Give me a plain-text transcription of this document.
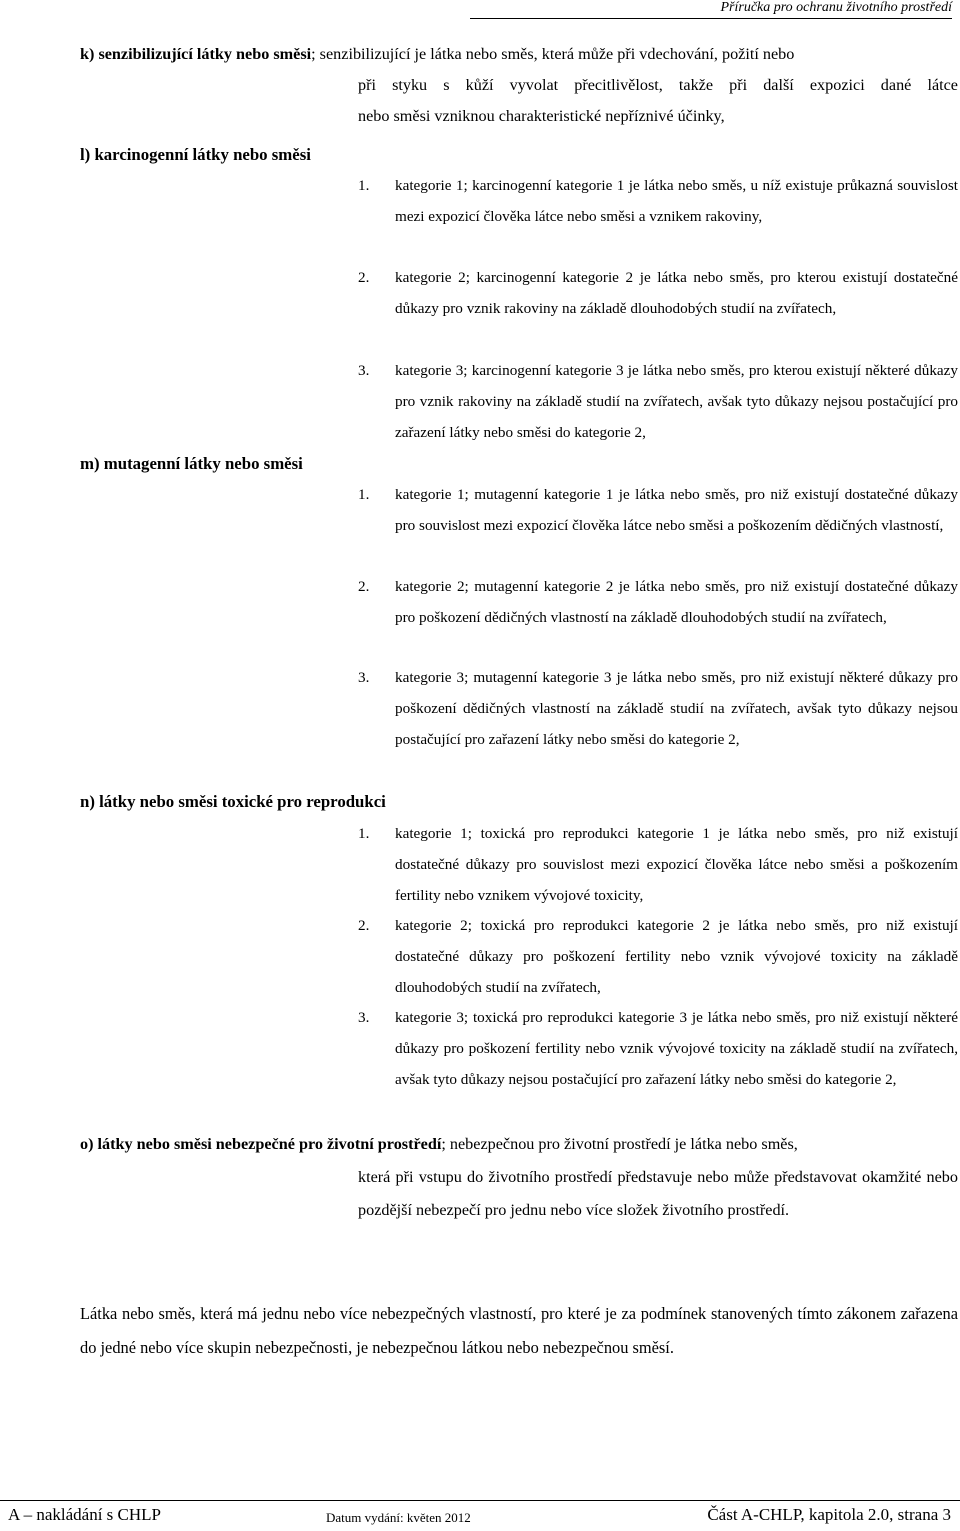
Příručka pro ochranu životního prostředí
k) senzibilizující látky nebo směsi; senzibilizující je látka nebo směs, která může při vdechování, požití nebo
při styku s kůží vyvolat přecitlivělost, takže při další expozici dané látce
nebo směsi vzniknou charakteristické nepříznivé účinky,
l) karcinogenní látky nebo směsi
1.	kategorie 1; karcinogenní kategorie 1 je látka nebo směs, u níž existuje průkazná souvislost mezi expozicí člověka látce nebo směsi a vznikem rakoviny,
2.	kategorie 2; karcinogenní kategorie 2 je látka nebo směs, pro kterou existují dostatečné důkazy pro vznik rakoviny na základě dlouhodobých studií na zvířatech,
3.	kategorie 3; karcinogenní kategorie 3 je látka nebo směs, pro kterou existují některé důkazy pro vznik rakoviny na základě studií na zvířatech, avšak tyto důkazy nejsou postačující pro zařazení látky nebo směsi do kategorie 2,
m) mutagenní látky nebo směsi
1.	kategorie 1; mutagenní kategorie 1 je látka nebo směs, pro niž existují dostatečné důkazy pro souvislost mezi expozicí člověka látce nebo směsi a poškozením dědičných vlastností,
2.	kategorie 2; mutagenní kategorie 2 je látka nebo směs, pro niž existují dostatečné důkazy pro poškození dědičných vlastností na základě dlouhodobých studií na zvířatech,
3.	kategorie 3; mutagenní kategorie 3 je látka nebo směs, pro niž existují některé důkazy pro poškození dědičných vlastností na základě studií na zvířatech, avšak tyto důkazy nejsou postačující pro zařazení látky nebo směsi do kategorie 2,
n) látky nebo směsi toxické pro reprodukci
1.	kategorie 1; toxická pro reprodukci kategorie 1 je látka nebo směs, pro niž existují dostatečné důkazy pro souvislost mezi expozicí člověka látce nebo směsi a poškozením fertility nebo vznikem vývojové toxicity,
2.	kategorie 2; toxická pro reprodukci kategorie 2 je látka nebo směs, pro niž existují dostatečné důkazy pro poškození fertility nebo vznik vývojové toxicity na základě dlouhodobých studií na zvířatech,
3.	kategorie 3; toxická pro reprodukci kategorie 3 je látka nebo směs, pro niž existují některé důkazy pro poškození fertility nebo vznik vývojové toxicity na základě studií na zvířatech, avšak tyto důkazy nejsou postačující pro zařazení látky nebo směsi do kategorie 2,
o) látky nebo směsi nebezpečné pro životní prostředí; nebezpečnou pro životní prostředí je látka nebo směs,
která při vstupu do životního prostředí představuje nebo může představovat okamžité nebo pozdější nebezpečí pro jednu nebo více složek životního prostředí.
Látka nebo směs, která má jednu nebo více nebezpečných vlastností, pro které je za podmínek stanovených tímto zákonem zařazena do jedné nebo více skupin nebezpečnosti, je nebezpečnou látkou nebo nebezpečnou směsí.
A – nakládání s CHLP	Datum vydání: květen 2012	Část A-CHLP, kapitola 2.0, strana 3
